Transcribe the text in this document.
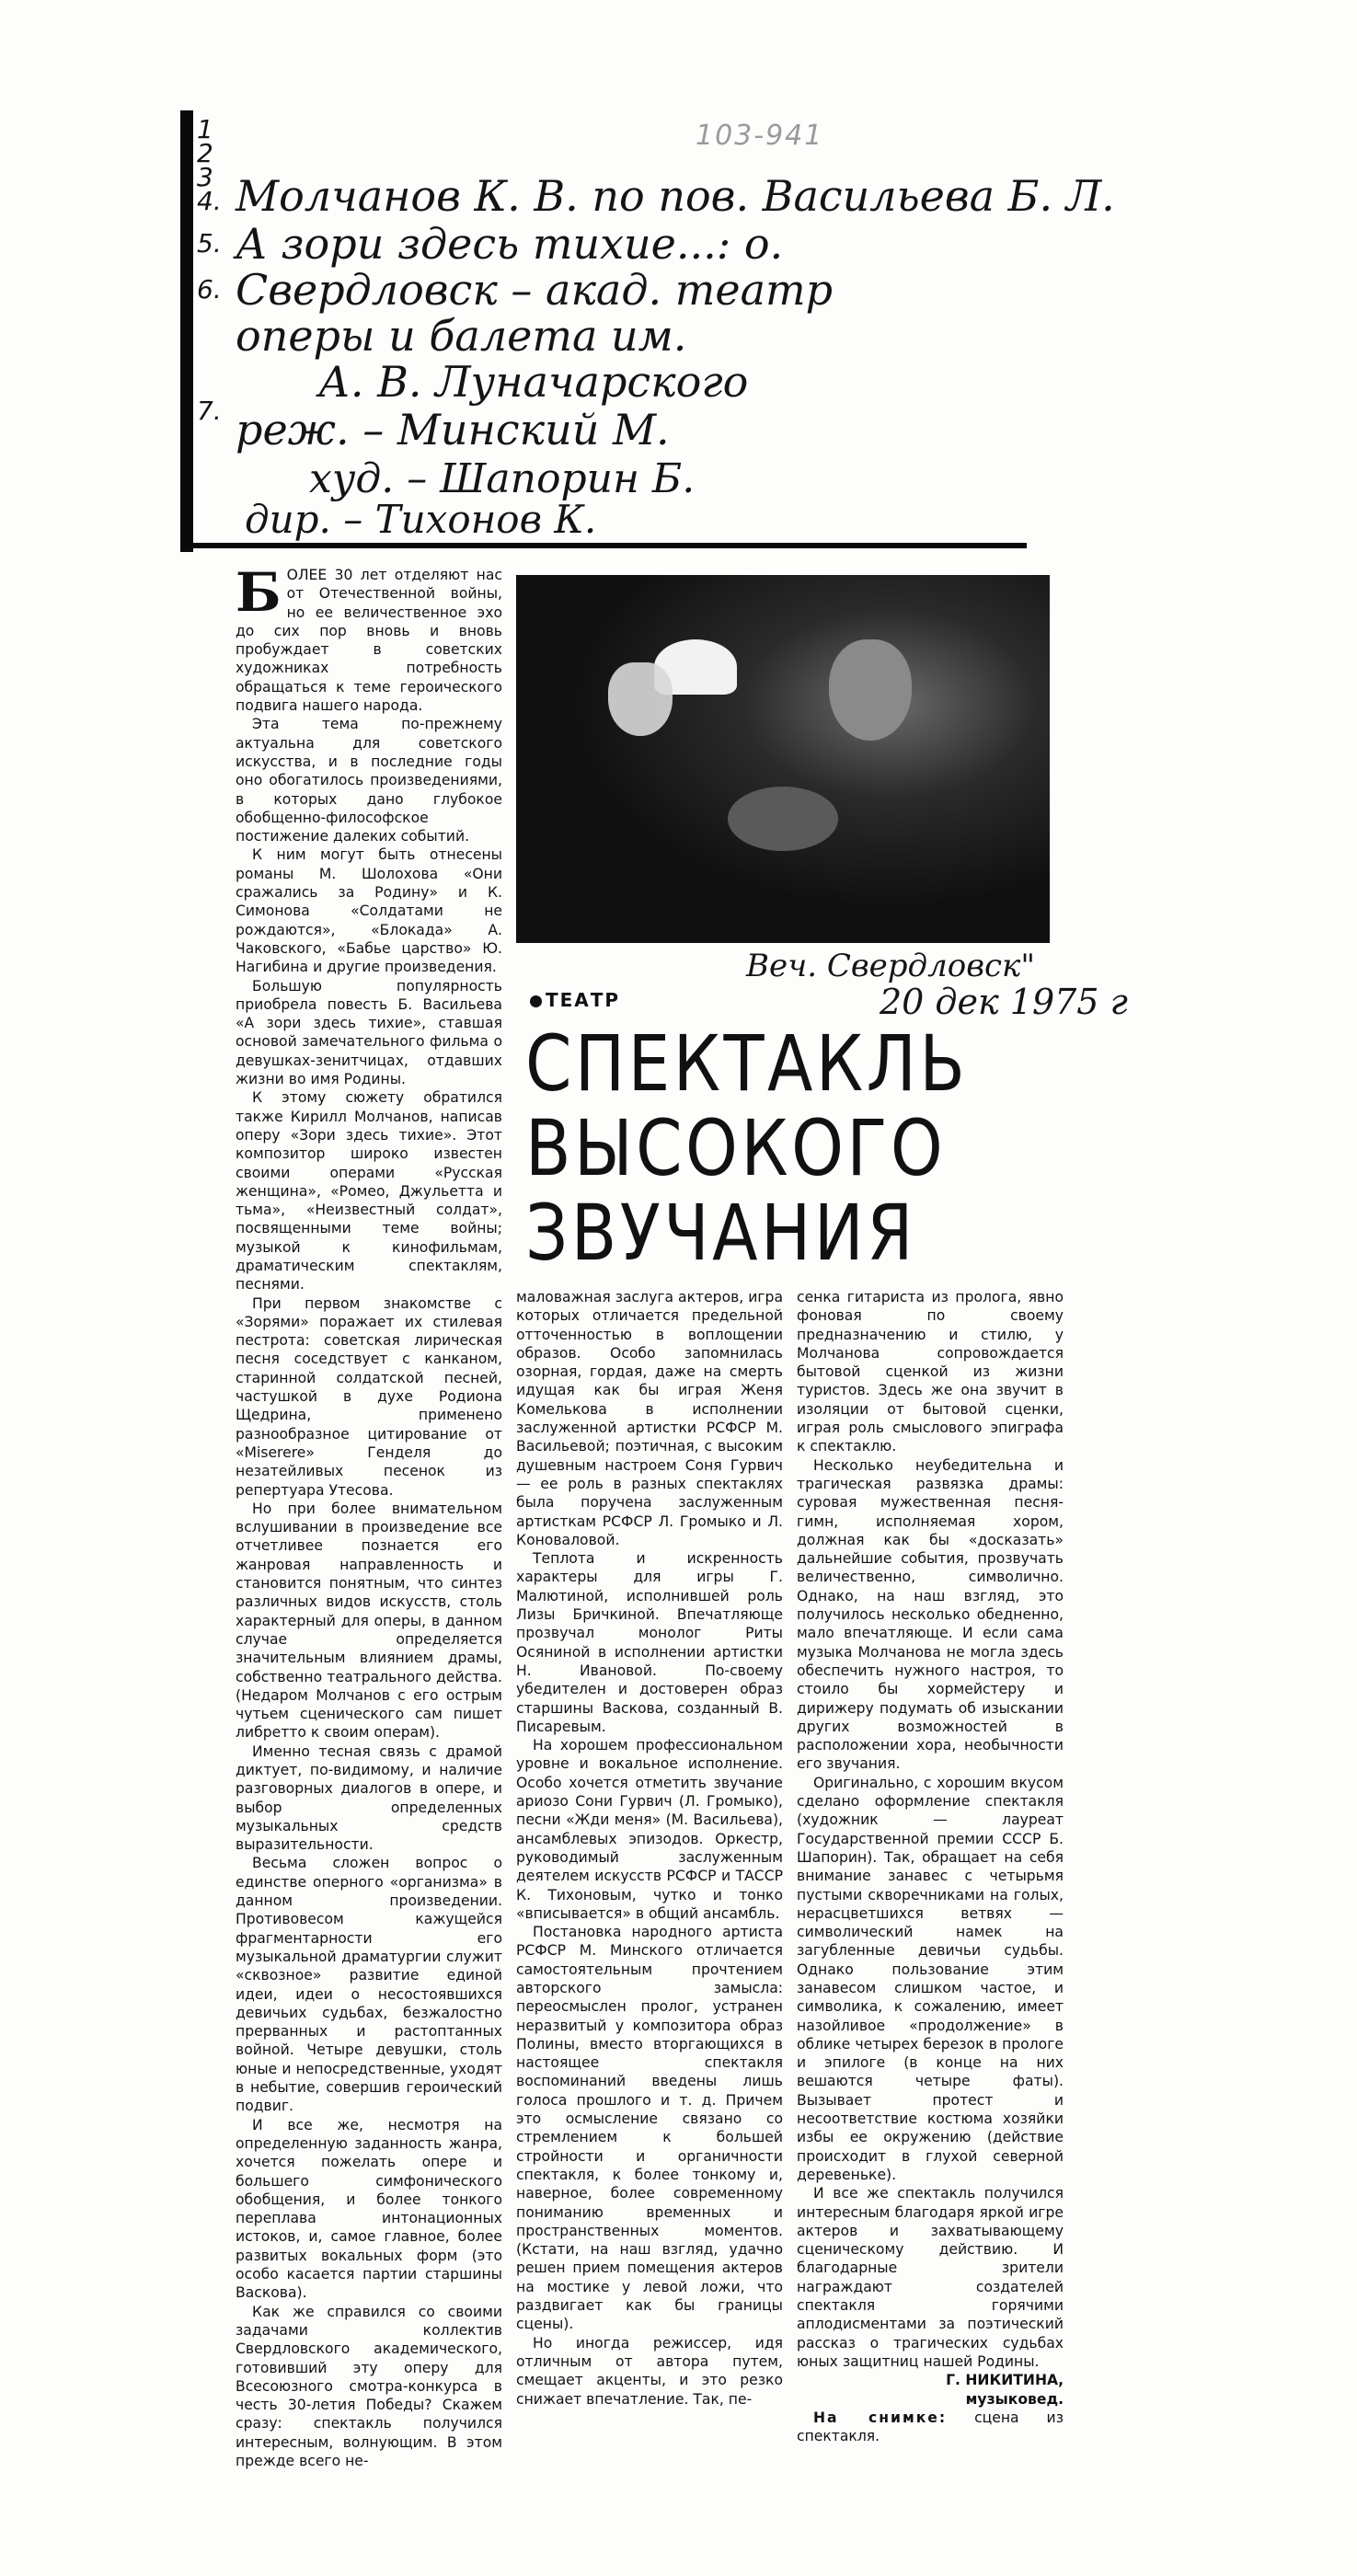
103-941
1
2
3
4.
5.
6.
7.
Молчанов К. В. по пов. Васильева Б. Л.
А зори здесь тихие...: о.
Свердловск – акад. театр
оперы и балета им.
А. В. Луначарского
реж. – Минский М.
худ. – Шапорин Б.
дир. – Тихонов К.

БОЛЕЕ 30 лет отделяют нас от Отечественной войны, но ее величественное эхо до сих пор вновь и вновь пробуждает в советских художниках потребность обращаться к теме героического подвига нашего народа.

Эта тема по-прежнему актуальна для советского искусства, и в последние годы оно обогатилось произведениями, в которых дано глубокое обобщенно-философское постижение далеких событий.

К ним могут быть отнесены романы М. Шолохова «Они сражались за Родину» и К. Симонова «Солдатами не рождаются», «Блокада» А. Чаковского, «Бабье царство» Ю. Нагибина и другие произведения.

Большую популярность приобрела повесть Б. Васильева «А зори здесь тихие», ставшая основой замечательного фильма о девушках-зенитчицах, отдавших жизни во имя Родины.

К этому сюжету обратился также Кирилл Молчанов, написав оперу «Зори здесь тихие». Этот композитор широко известен своими операми «Русская женщина», «Ромео, Джульетта и тьма», «Неизвестный солдат», посвященными теме войны; музыкой к кинофильмам, драматическим спектаклям, песнями.

При первом знакомстве с «Зорями» поражает их стилевая пестрота: советская лирическая песня соседствует с канканом, старинной солдатской песней, частушкой в духе Родиона Щедрина, применено разнообразное цитирование от «Miserere» Генделя до незатейливых песенок из репертуара Утесова.

Но при более внимательном вслушивании в произведение все отчетливее познается его жанровая направленность и становится понятным, что синтез различных видов искусств, столь характерный для оперы, в данном случае определяется значительным влиянием драмы, собственно театрального действа. (Недаром Молчанов с его острым чутьем сценического сам пишет либретто к своим операм).

Именно тесная связь с драмой диктует, по-видимому, и наличие разговорных диалогов в опере, и выбор определенных музыкальных средств выразительности.

Весьма сложен вопрос о единстве оперного «организма» в данном произведении. Противовесом кажущейся фрагментарности его музыкальной драматургии служит «сквозное» развитие единой идеи, идеи о несостоявшихся девичьих судьбах, безжалостно прерванных и растоптанных войной. Четыре девушки, столь юные и непосредственные, уходят в небытие, совершив героический подвиг.

И все же, несмотря на определенную заданность жанра, хочется пожелать опере и большего симфонического обобщения, и более тонкого переплава интонационных истоков, и, самое главное, более развитых вокальных форм (это особо касается партии старшины Васкова).

Как же справился со своими задачами коллектив Свердловского академического, готовивший эту оперу для Всесоюзного смотра-конкурса в честь 30-летия Победы? Скажем сразу: спектакль получился интересным, волнующим. В этом прежде всего не-

Веч. Свердловск"
20 дек 1975 г
ТЕАТР
СПЕКТАКЛЬ
ВЫСОКОГО
ЗВУЧАНИЯ

маловажная заслуга актеров, игра которых отличается предельной отточенностью в воплощении образов. Особо запомнилась озорная, гордая, даже на смерть идущая как бы играя Женя Комелькова в исполнении заслуженной артистки РСФСР М. Васильевой; поэтичная, с высоким душевным настроем Соня Гурвич — ее роль в разных спектаклях была поручена заслуженным артисткам РСФСР Л. Громыко и Л. Коноваловой.

Теплота и искренность характеры для игры Г. Малютиной, исполнившей роль Лизы Бричкиной. Впечатляюще прозвучал монолог Риты Осяниной в исполнении артистки Н. Ивановой. По-своему убедителен и достоверен образ старшины Васкова, созданный В. Писаревым.

На хорошем профессиональном уровне и вокальное исполнение. Особо хочется отметить звучание ариозо Сони Гурвич (Л. Громыко), песни «Жди меня» (М. Васильева), ансамблевых эпизодов. Оркестр, руководимый заслуженным деятелем искусств РСФСР и ТАССР К. Тихоновым, чутко и тонко «вписывается» в общий ансамбль.

Постановка народного артиста РСФСР М. Минского отличается самостоятельным прочтением авторского замысла: переосмыслен пролог, устранен неразвитый у композитора образ Полины, вместо вторгающихся в настоящее спектакля воспоминаний введены лишь голоса прошлого и т. д. Причем это осмысление связано со стремлением к большей стройности и органичности спектакля, к более тонкому и, наверное, более современному пониманию временных и пространственных моментов. (Кстати, на наш взгляд, удачно решен прием помещения актеров на мостике у левой ложи, что раздвигает как бы границы сцены).

Но иногда режиссер, идя отличным от автора путем, смещает акценты, и это резко снижает впечатление. Так, пе-

сенка гитариста из пролога, явно фоновая по своему предназначению и стилю, у Молчанова сопровождается бытовой сценкой из жизни туристов. Здесь же она звучит в изоляции от бытовой сценки, играя роль смыслового эпиграфа к спектаклю.

Несколько неубедительна и трагическая развязка драмы: суровая мужественная песня-гимн, исполняемая хором, должная как бы «досказать» дальнейшие события, прозвучать величественно, символично. Однако, на наш взгляд, это получилось несколько обедненно, мало впечатляюще. И если сама музыка Молчанова не могла здесь обеспечить нужного настроя, то стоило бы хормейстеру и дирижеру подумать об изыскании других возможностей в расположении хора, необычности его звучания.

Оригинально, с хорошим вкусом сделано оформление спектакля (художник — лауреат Государственной премии СССР Б. Шапорин). Так, обращает на себя внимание занавес с четырьмя пустыми скворечниками на голых, нерасцветшихся ветвях — символический намек на загубленные девичьи судьбы. Однако пользование этим занавесом слишком частое, и символика, к сожалению, имеет назойливое «продолжение» в облике четырех березок в прологе и эпилоге (в конце на них вешаются четыре фаты). Вызывает протест и несоответствие костюма хозяйки избы ее окружению (действие происходит в глухой северной деревеньке).

И все же спектакль получился интересным благодаря яркой игре актеров и захватывающему сценическому действию. И благодарные зрители награждают создателей спектакля горячими аплодисментами за поэтический рассказ о трагических судьбах юных защитниц нашей Родины.

Г. НИКИТИНА,
музыковед.

На снимке: сцена из спектакля.
